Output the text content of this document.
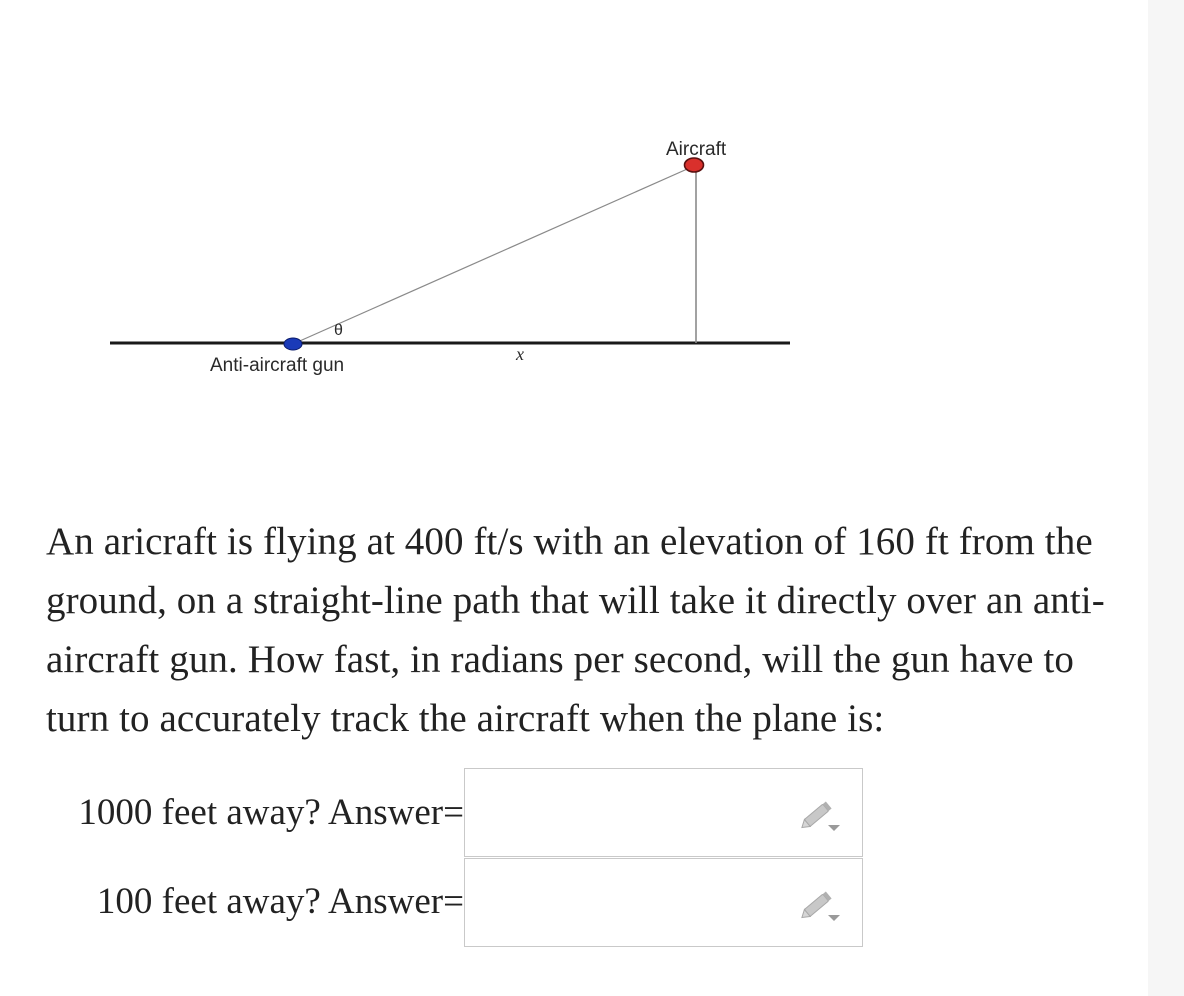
Aircraft
θ
Anti-aircraft gun
x

An aricraft is flying at 400 ft/s with an elevation of 160 ft from the ground, on a straight-line path that will take it directly over an anti-aircraft gun. How fast, in radians per second, will the gun have to turn to accurately track the aircraft when the plane is:

1000 feet away? Answer=
100 feet away? Answer=
